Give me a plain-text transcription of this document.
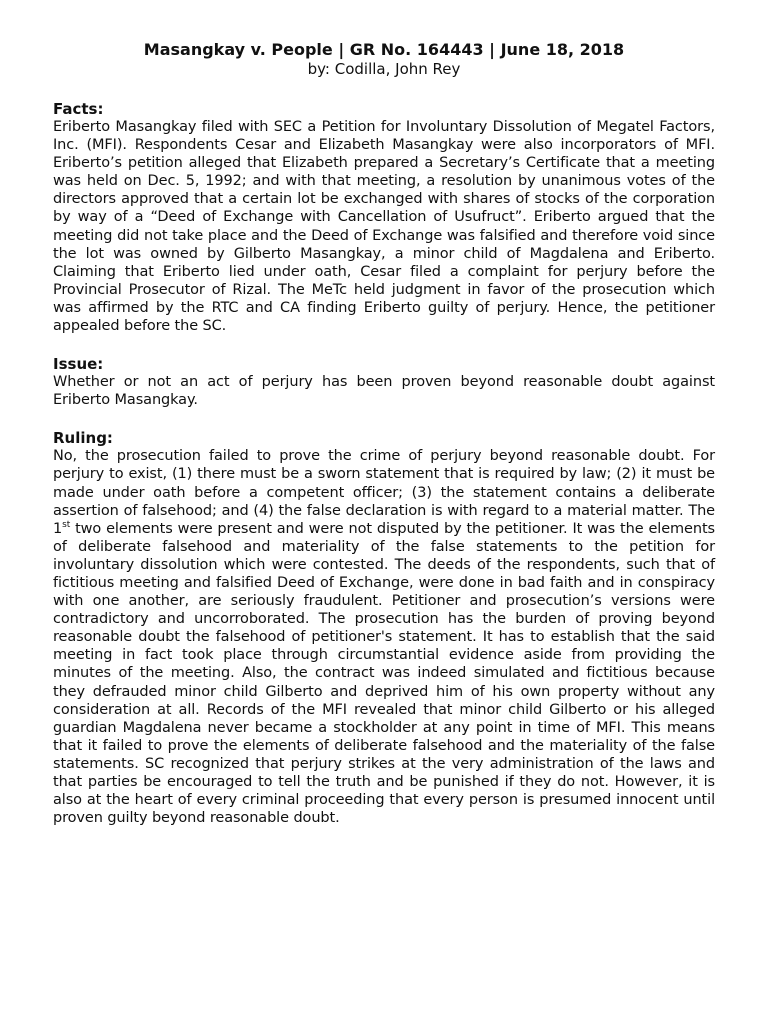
Masangkay v. People | GR No. 164443 | June 18, 2018

by: Codilla, John Rey

Facts:

Eriberto Masangkay filed with SEC a Petition for Involuntary Dissolution of Megatel Factors, Inc. (MFI). Respondents Cesar and Elizabeth Masangkay were also incorporators of MFI. Eriberto’s petition alleged that Elizabeth prepared a Secretary’s Certificate that a meeting was held on Dec. 5, 1992; and with that meeting, a resolution by unanimous votes of the directors approved that a certain lot be exchanged with shares of stocks of the corporation by way of a “Deed of Exchange with Cancellation of Usufruct”. Eriberto argued that the meeting did not take place and the Deed of Exchange was falsified and therefore void since the lot was owned by Gilberto Masangkay, a minor child of Magdalena and Eriberto. Claiming that Eriberto lied under oath, Cesar filed a complaint for perjury before the Provincial Prosecutor of Rizal. The MeTc held judgment in favor of the prosecution which was affirmed by the RTC and CA finding Eriberto guilty of perjury. Hence, the petitioner appealed before the SC.

Issue:

Whether or not an act of perjury has been proven beyond reasonable doubt against Eriberto Masangkay.

Ruling:

No, the prosecution failed to prove the crime of perjury beyond reasonable doubt. For perjury to exist, (1) there must be a sworn statement that is required by law; (2) it must be made under oath before a competent officer; (3) the statement contains a deliberate assertion of falsehood; and (4) the false declaration is with regard to a material matter. The 1st two elements were present and were not disputed by the petitioner. It was the elements of deliberate falsehood and materiality of the false statements to the petition for involuntary dissolution which were contested. The deeds of the respondents, such that of fictitious meeting and falsified Deed of Exchange, were done in bad faith and in conspiracy with one another, are seriously fraudulent. Petitioner and prosecution’s versions were contradictory and uncorroborated. The prosecution has the burden of proving beyond reasonable doubt the falsehood of petitioner's statement. It has to establish that the said meeting in fact took place through circumstantial evidence aside from providing the minutes of the meeting. Also, the contract was indeed simulated and fictitious because they defrauded minor child Gilberto and deprived him of his own property without any consideration at all. Records of the MFI revealed that minor child Gilberto or his alleged guardian Magdalena never became a stockholder at any point in time of MFI. This means that it failed to prove the elements of deliberate falsehood and the materiality of the false statements. SC recognized that perjury strikes at the very administration of the laws and that parties be encouraged to tell the truth and be punished if they do not. However, it is also at the heart of every criminal proceeding that every person is presumed innocent until proven guilty beyond reasonable doubt.
